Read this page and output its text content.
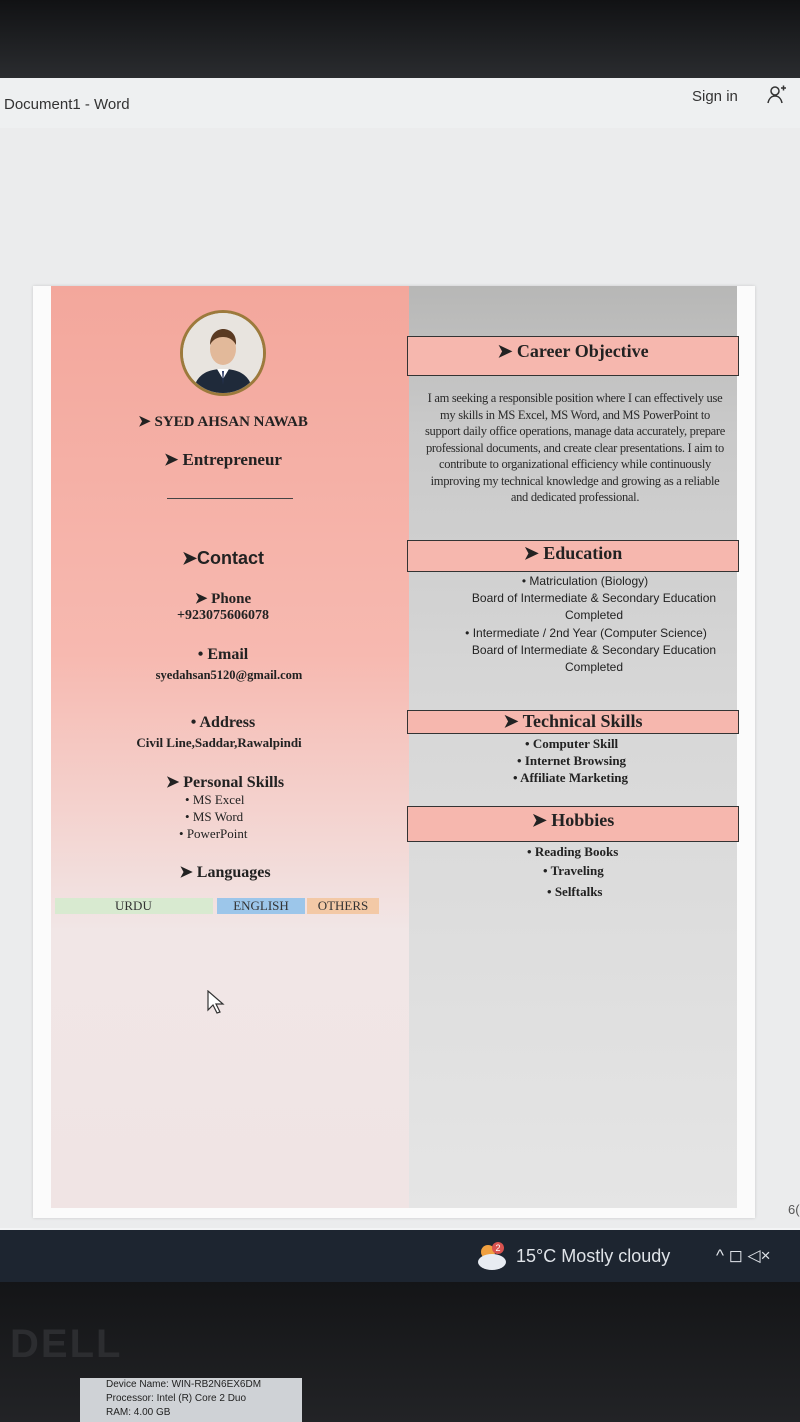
Document1 - Word	Sign in
➤ SYED AHSAN NAWAB
➤ Entrepreneur
➤Contact
➤ Phone
+923075606078
• Email
syedahsan5120@gmail.com
• Address
Civil Line,Saddar,Rawalpindi
➤ Personal Skills
• MS Excel
• MS Word
• PowerPoint
➤ Languages
URDU	ENGLISH	OTHERS
➤ Career Objective
I am seeking a responsible position where I can effectively use my skills in MS Excel, MS Word, and MS PowerPoint to support daily office operations, manage data accurately, prepare professional documents, and create clear presentations. I aim to contribute to organizational efficiency while continuously improving my technical knowledge and growing as a reliable and dedicated professional.
➤ Education
• Matriculation (Biology)
Board of Intermediate & Secondary Education
Completed
• Intermediate / 2nd Year (Computer Science)
Board of Intermediate & Secondary Education
Completed
➤ Technical Skills
• Computer Skill
• Internet Browsing
• Affiliate Marketing
➤ Hobbies
• Reading Books
• Traveling
• Selftalks
6(
2 15°C Mostly cloudy	^ ◻ ◁×
DELL
Device Name: WIN-RB2N6EX6DM
Processor: Intel (R) Core 2 Duo
RAM: 4.00 GB
